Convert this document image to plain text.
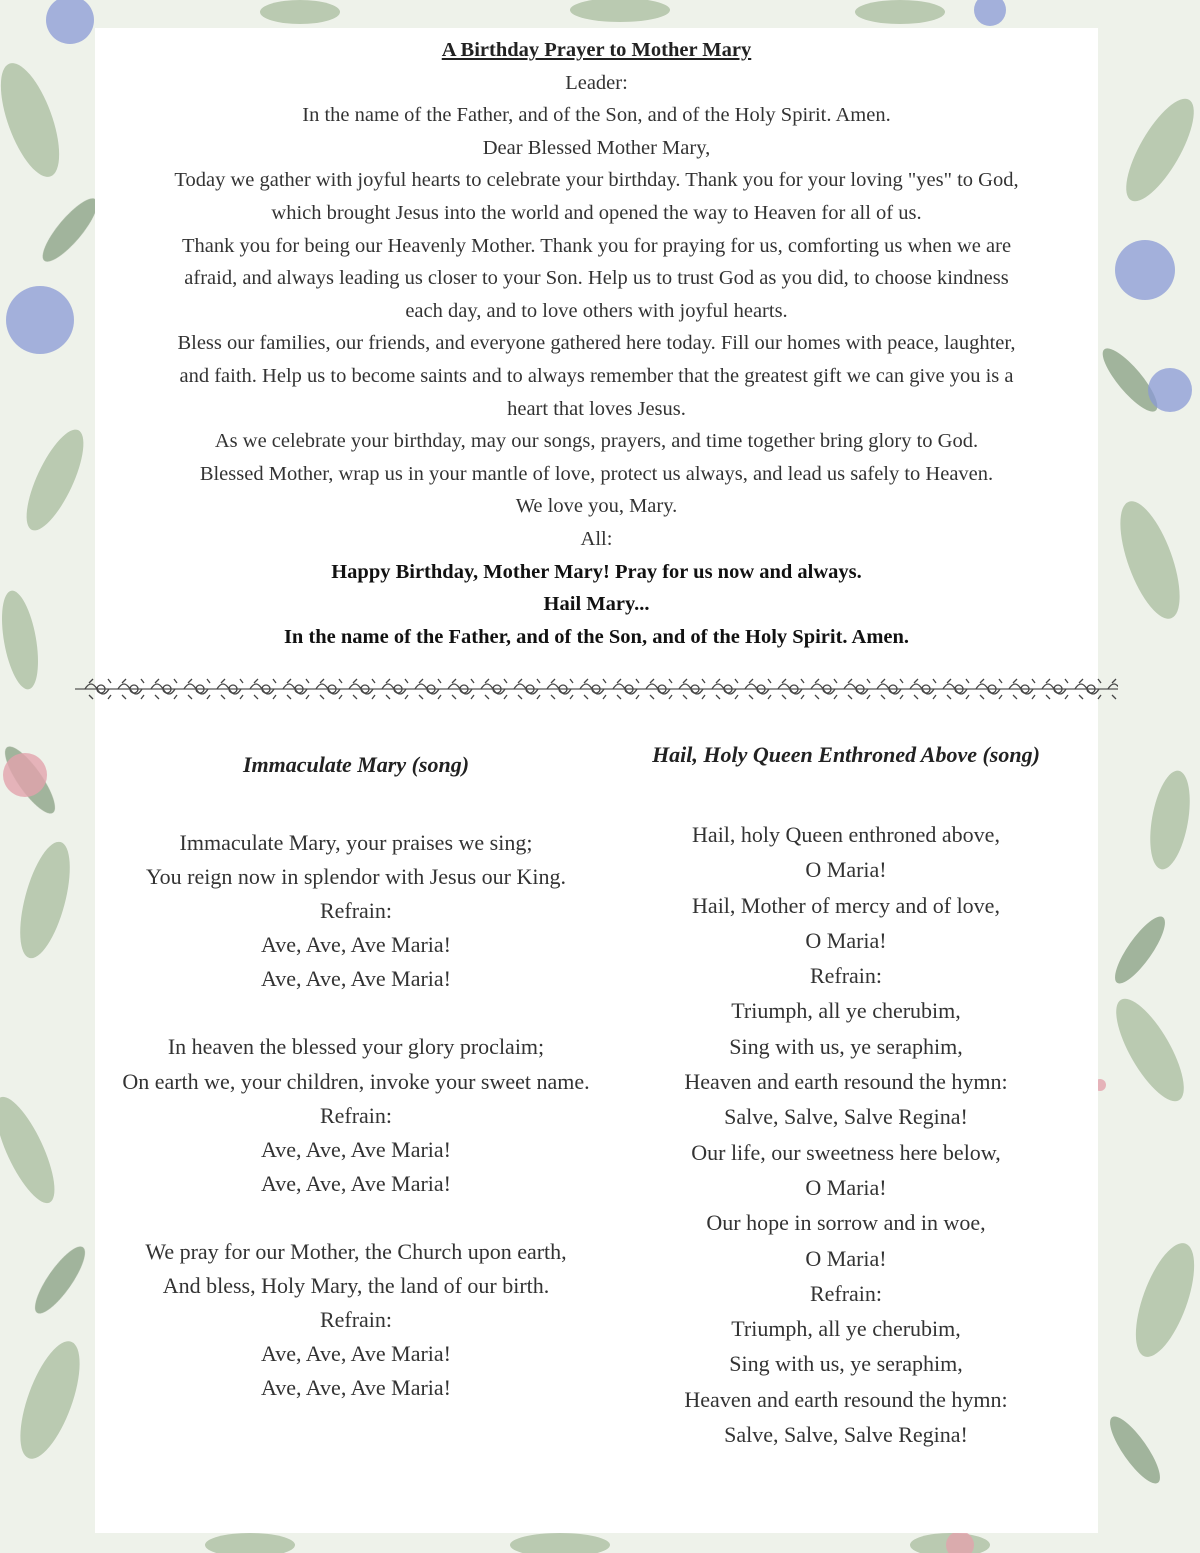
A Birthday Prayer to Mother Mary

Leader:

In the name of the Father, and of the Son, and of the Holy Spirit. Amen.

Dear Blessed Mother Mary,

Today we gather with joyful hearts to celebrate your birthday. Thank you for your loving "yes" to God,

which brought Jesus into the world and opened the way to Heaven for all of us.

Thank you for being our Heavenly Mother. Thank you for praying for us, comforting us when we are

afraid, and always leading us closer to your Son. Help us to trust God as you did, to choose kindness

each day, and to love others with joyful hearts.

Bless our families, our friends, and everyone gathered here today. Fill our homes with peace, laughter,

and faith. Help us to become saints and to always remember that the greatest gift we can give you is a

heart that loves Jesus.

As we celebrate your birthday, may our songs, prayers, and time together bring glory to God.

Blessed Mother, wrap us in your mantle of love, protect us always, and lead us safely to Heaven.

We love you, Mary.

All:

Happy Birthday, Mother Mary! Pray for us now and always.

Hail Mary...

In the name of the Father, and of the Son, and of the Holy Spirit. Amen.

Immaculate Mary (song)

Immaculate Mary, your praises we sing;
You reign now in splendor with Jesus our King.
Refrain:
Ave, Ave, Ave Maria!
Ave, Ave, Ave Maria!
In heaven the blessed your glory proclaim;
On earth we, your children, invoke your sweet name.
Refrain:
Ave, Ave, Ave Maria!
Ave, Ave, Ave Maria!
We pray for our Mother, the Church upon earth,
And bless, Holy Mary, the land of our birth.
Refrain:
Ave, Ave, Ave Maria!
Ave, Ave, Ave Maria!

Hail, Holy Queen Enthroned Above (song)

Hail, holy Queen enthroned above,
O Maria!
Hail, Mother of mercy and of love,
O Maria!
Refrain:
Triumph, all ye cherubim,
Sing with us, ye seraphim,
Heaven and earth resound the hymn:
Salve, Salve, Salve Regina!
Our life, our sweetness here below,
O Maria!
Our hope in sorrow and in woe,
O Maria!
Refrain:
Triumph, all ye cherubim,
Sing with us, ye seraphim,
Heaven and earth resound the hymn:
Salve, Salve, Salve Regina!
